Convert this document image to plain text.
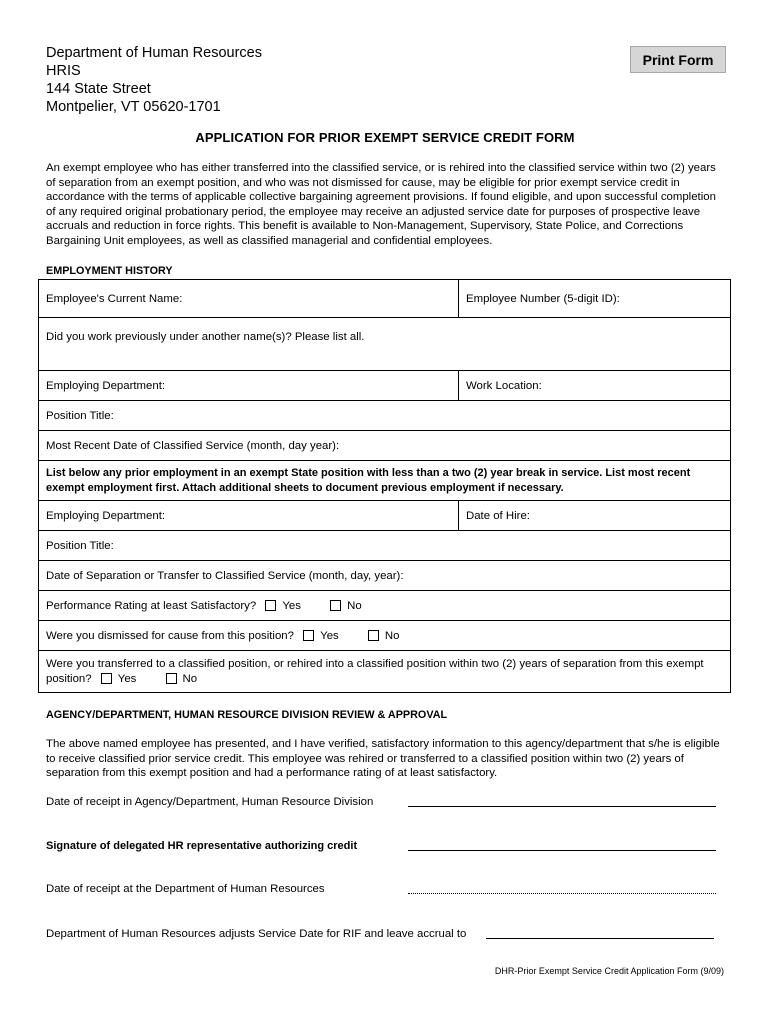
Department of Human Resources
HRIS
144 State Street
Montpelier, VT 05620-1701
Print Form
APPLICATION FOR PRIOR EXEMPT SERVICE CREDIT FORM
An exempt employee who has either transferred into the classified service, or is rehired into the classified service within two (2) years of separation from an exempt position, and who was not dismissed for cause, may be eligible for prior exempt service credit in accordance with the terms of applicable collective bargaining agreement provisions. If found eligible, and upon successful completion of any required original probationary period, the employee may receive an adjusted service date for purposes of prospective leave accruals and reduction in force rights. This benefit is available to Non-Management, Supervisory, State Police, and Corrections Bargaining Unit employees, as well as classified managerial and confidential employees.
EMPLOYMENT HISTORY
Employee's Current Name:	Employee Number (5-digit ID):
Did you work previously under another name(s)? Please list all.	
Employing Department:	Work Location:
Position Title:	
Most Recent Date of Classified Service (month, day year):	
List below any prior employment in an exempt State position with less than a two (2) year break in service. List most recent exempt employment first. Attach additional sheets to document previous employment if necessary.	
Employing Department:	Date of Hire:
Position Title:	
Date of Separation or Transfer to Classified Service (month, day, year):	
Performance Rating at least Satisfactory? Yes No	
Were you dismissed for cause from this position? Yes No	
Were you transferred to a classified position, or rehired into a classified position within two (2) years of separation from this exempt position? Yes No	
AGENCY/DEPARTMENT, HUMAN RESOURCE DIVISION REVIEW & APPROVAL
The above named employee has presented, and I have verified, satisfactory information to this agency/department that s/he is eligible to receive classified prior service credit. This employee was rehired or transferred to a classified position within two (2) years of separation from this exempt position and had a performance rating of at least satisfactory.
Date of receipt in Agency/Department, Human Resource Division
Signature of delegated HR representative authorizing credit
Date of receipt at the Department of Human Resources
Department of Human Resources adjusts Service Date for RIF and leave accrual to
DHR-Prior Exempt Service Credit Application Form (9/09)
